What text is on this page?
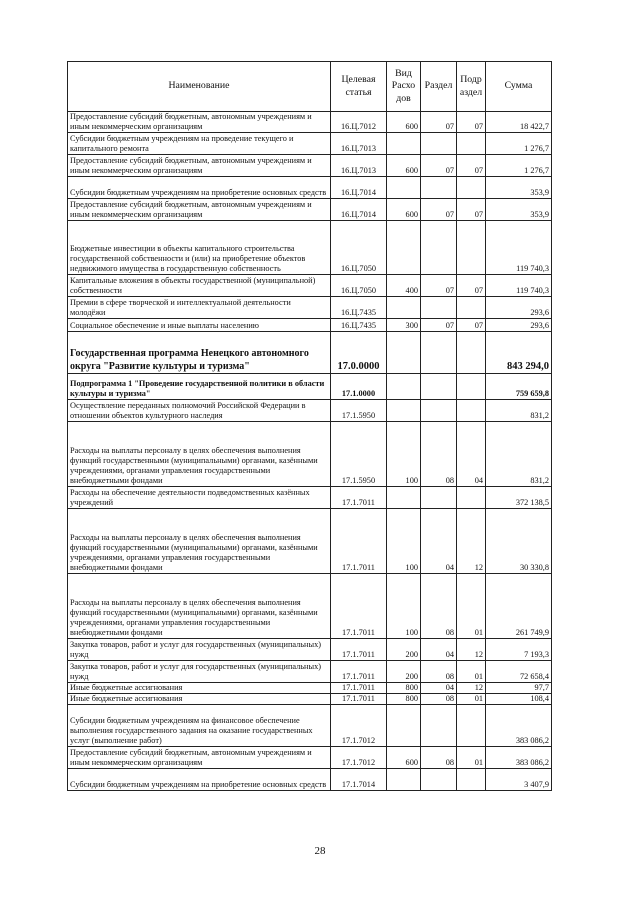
Наименование	Целевая статья	Вид Расхо дов	Раздел	Подр аздел	Сумма
Предоставление субсидий бюджетным, автономным учреждениям и иным некоммерческим организациям	16.Ц.7012	600	07	07	18 422,7
Субсидии бюджетным учреждениям на проведение текущего и капитального ремонта	16.Ц.7013				1 276,7
Предоставление субсидий бюджетным, автономным учреждениям и иным некоммерческим организациям	16.Ц.7013	600	07	07	1 276,7
Субсидии бюджетным учреждениям на приобретение основных средств	16.Ц.7014				353,9
Предоставление субсидий бюджетным, автономным учреждениям и иным некоммерческим организациям	16.Ц.7014	600	07	07	353,9
Бюджетные инвестиции в объекты капитального строительства государственной собственности и (или) на приобретение объектов недвижимого имущества в государственную собственность	16.Ц.7050				119 740,3
Капитальные вложения в объекты государственной (муниципальной) собственности	16.Ц.7050	400	07	07	119 740,3
Премии в сфере творческой и интеллектуальной деятельности молодёжи	16.Ц.7435				293,6
Социальное обеспечение и иные выплаты населению	16.Ц.7435	300	07	07	293,6
Государственная программа Ненецкого автономного округа "Развитие культуры и туризма"	17.0.0000				843 294,0
Подпрограмма 1 "Проведение государственной политики в области культуры и туризма"	17.1.0000				759 659,8
Осуществление переданных полномочий Российской Федерации в отношении объектов культурного наследия	17.1.5950				831,2
Расходы на выплаты персоналу в целях обеспечения выполнения функций государственными (муниципальными) органами, казёнными учреждениями, органами управления государственными внебюджетными фондами	17.1.5950	100	08	04	831,2
Расходы на обеспечение деятельности подведомственных казённых учреждений	17.1.7011				372 138,5
Расходы на выплаты персоналу в целях обеспечения выполнения функций государственными (муниципальными) органами, казёнными учреждениями, органами управления государственными внебюджетными фондами	17.1.7011	100	04	12	30 330,8
Расходы на выплаты персоналу в целях обеспечения выполнения функций государственными (муниципальными) органами, казёнными учреждениями, органами управления государственными внебюджетными фондами	17.1.7011	100	08	01	261 749,9
Закупка товаров, работ и услуг для государственных (муниципальных) нужд	17.1.7011	200	04	12	7 193,3
Закупка товаров, работ и услуг для государственных (муниципальных) нужд	17.1.7011	200	08	01	72 658,4
Иные бюджетные ассигнования	17.1.7011	800	04	12	97,7
Иные бюджетные ассигнования	17.1.7011	800	08	01	108,4
Субсидии бюджетным учреждениям на финансовое обеспечение выполнения государственного задания на оказание государственных услуг (выполнение работ)	17.1.7012				383 086,2
Предоставление субсидий бюджетным, автономным учреждениям и иным некоммерческим организациям	17.1.7012	600	08	01	383 086,2
Субсидии бюджетным учреждениям на приобретение основных средств	17.1.7014				3 407,9
28
